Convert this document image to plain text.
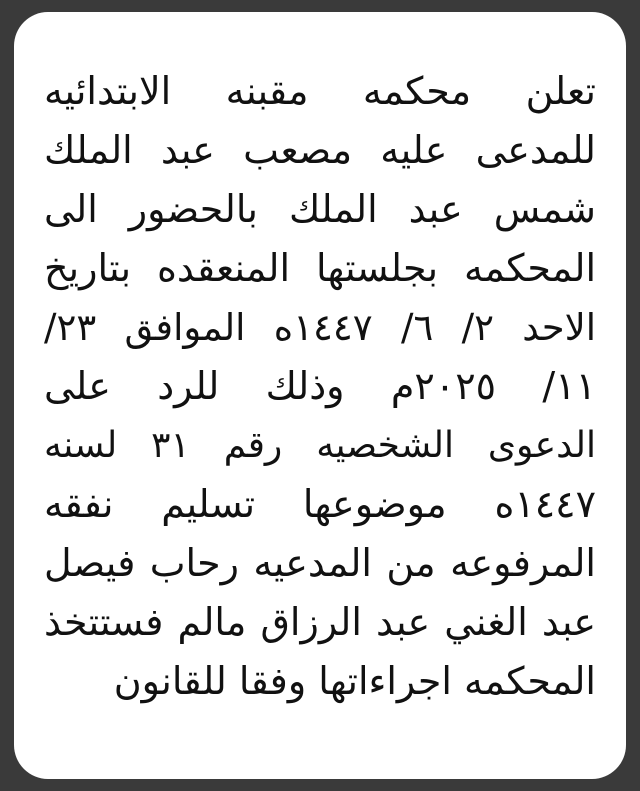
تعلن محكمه مقبنه الابتدائيه
للمدعى عليه مصعب عبد الملك
شمس عبد الملك بالحضور الى
المحكمه بجلستها المنعقده بتاريخ
الاحد ٢/ ٦/ ١٤٤٧ه الموافق ٢٣/
١١/ ٢٠٢٥م وذلك للرد على
الدعوى الشخصيه رقم ٣١ لسنه
١٤٤٧ه موضوعها تسليم نفقه
المرفوعه من المدعيه رحاب فيصل
عبد الغني عبد الرزاق مالم فستتخذ
المحكمه اجراءاتها وفقا للقانون
